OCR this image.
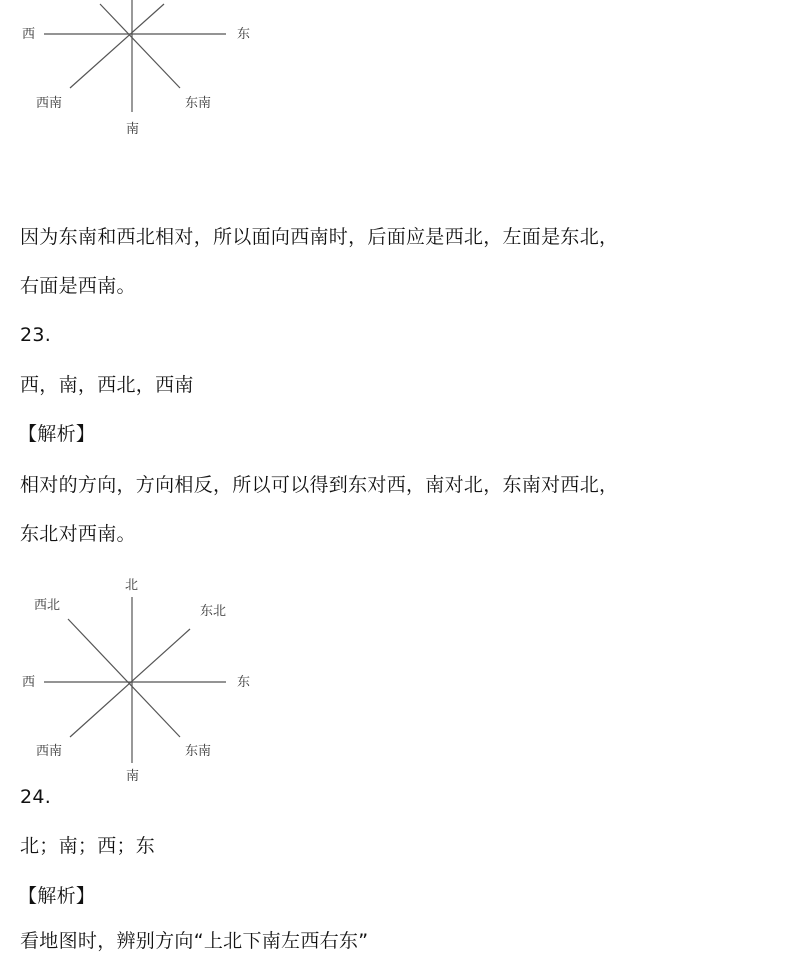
西	东
西南	东南
南
因为东南和西北相对，所以面向西南时，后面应是西北，左面是东北，
右面是西南。
23.
西，南，西北，西南
【解析】
相对的方向，方向相反，所以可以得到东对西，南对北，东南对西北，
东北对西南。
北
西北	东北
西	东
西南	东南
南
24.
北；南；西；东
【解析】
看地图时，辨别方向“上北下南左西右东”
